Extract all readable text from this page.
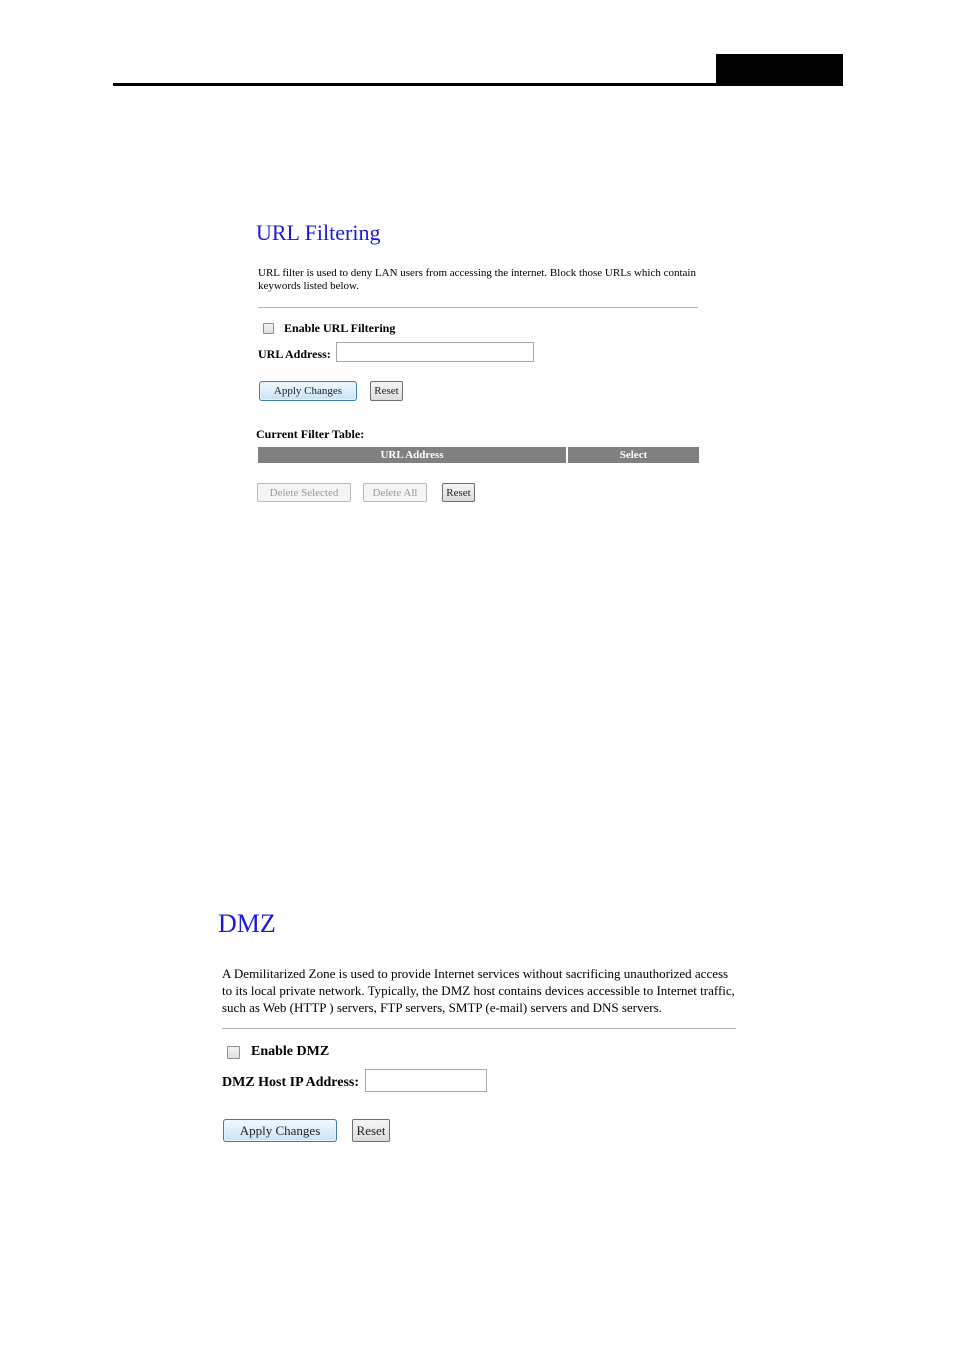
URL Filtering

URL filter is used to deny LAN users from accessing the internet. Block those URLs which contain keywords listed below.

Enable URL Filtering
URL Address:
Apply Changes	Reset
Current Filter Table:
URL Address	Select
Delete Selected	Delete All	Reset
DMZ

A Demilitarized Zone is used to provide Internet services without sacrificing unauthorized access to its local private network. Typically, the DMZ host contains devices accessible to Internet traffic, such as Web (HTTP ) servers, FTP servers, SMTP (e-mail) servers and DNS servers.

Enable DMZ
DMZ Host IP Address:
Apply Changes	Reset
